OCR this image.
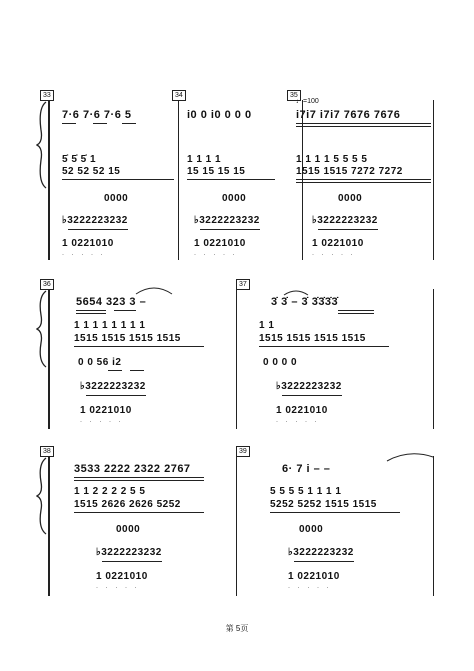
33	34	35
♩=100
7·6 7·6 7·6 5	i0 0 i0 0 0 0	i7i7 i7i7 7676 7676
5̇ 5̇ 5̇ 1	1 1 1 1	1 1 1 1 5 5 5 5
52 52 52 15	15 15 15 15	1515 1515 7272 7272
0000	0000	0000
♭3222223232	♭3222223232	♭3222223232
1 0221010	1 0221010	1 0221010
· · · · ·	· · · · ·	· · · · ·
36	37
5654 323 3 –	3̇ 3̇ – 3̇ 3̇3̇3̇3̇
1 1 1 1 1 1 1 1	1 1
1515 1515 1515 1515	1515 1515 1515 1515
0 0 56 i2	0 0 0 0
♭3222223232	♭3222223232
1 0221010	1 0221010
· · · · ·	· · · · ·
38	39
3533 2222 2322 2767	6· 7 i – –
1 1 2 2 2 2 5 5	5 5 5 5 1 1 1 1
1515 2626 2626 5252	5252 5252 1515 1515
0000	0000
♭3222223232	♭3222223232
1 0221010	1 0221010
· · · · ·	· · · · ·
第 5页
